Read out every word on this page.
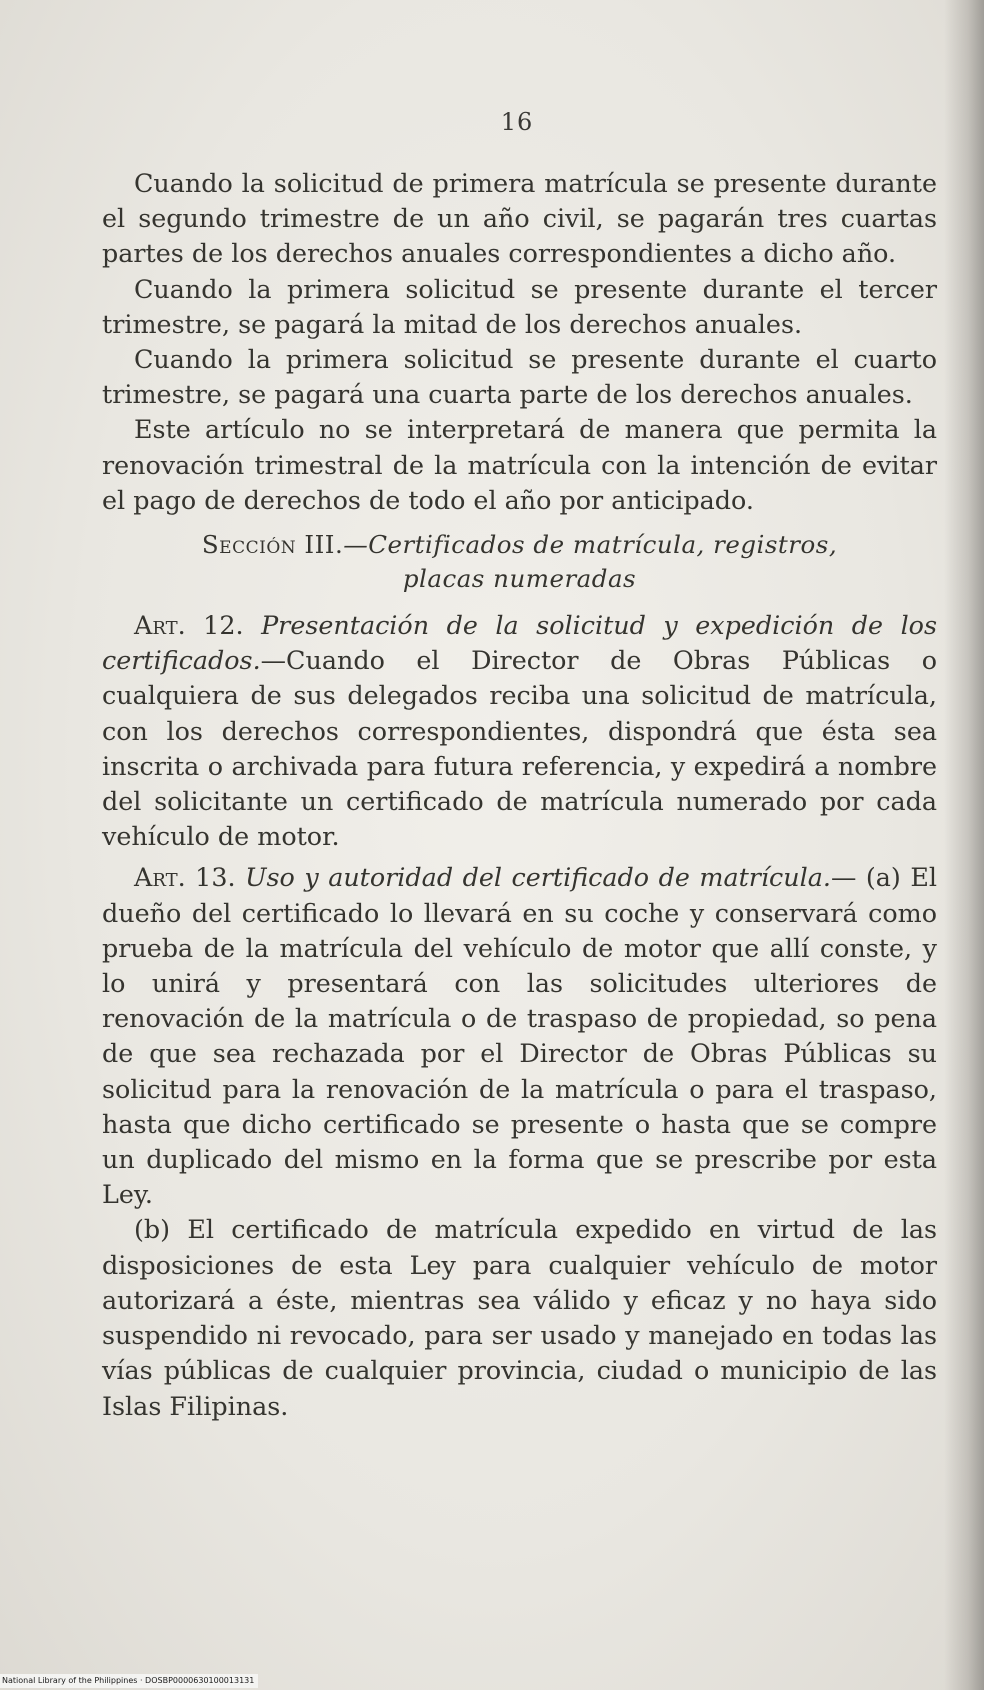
16

Cuando la solicitud de primera matrícula se presente durante el segundo trimestre de un año civil, se pagarán tres cuartas partes de los derechos anuales correspondientes a dicho año.

Cuando la primera solicitud se presente durante el tercer trimestre, se pagará la mitad de los derechos anuales.

Cuando la primera solicitud se presente durante el cuarto trimestre, se pagará una cuarta parte de los derechos anuales.

Este artículo no se interpretará de manera que permita la renovación trimestral de la matrícula con la intención de evitar el pago de derechos de todo el año por anticipado.

Sección III.—Certificados de matrícula, registros,
placas numeradas

Art. 12. Presentación de la solicitud y expedición de los certificados.—Cuando el Director de Obras Públicas o cualquiera de sus delegados reciba una solicitud de matrícula, con los derechos correspondientes, dispondrá que ésta sea inscrita o archivada para futura referencia, y expedirá a nombre del solicitante un certificado de matrícula numerado por cada vehículo de motor.

Art. 13. Uso y autoridad del certificado de matrícula.— (a) El dueño del certificado lo llevará en su coche y conservará como prueba de la matrícula del vehículo de motor que allí conste, y lo unirá y presentará con las solicitudes ulteriores de renovación de la matrícula o de traspaso de propiedad, so pena de que sea rechazada por el Director de Obras Públicas su solicitud para la renovación de la matrícula o para el traspaso, hasta que dicho certificado se presente o hasta que se compre un duplicado del mismo en la forma que se prescribe por esta Ley.

(b) El certificado de matrícula expedido en virtud de las disposiciones de esta Ley para cualquier vehículo de motor autorizará a éste, mientras sea válido y eficaz y no haya sido suspendido ni revocado, para ser usado y manejado en todas las vías públicas de cualquier provincia, ciudad o municipio de las Islas Filipinas.

National Library of the Philippines · DOSBP0000630100013131
